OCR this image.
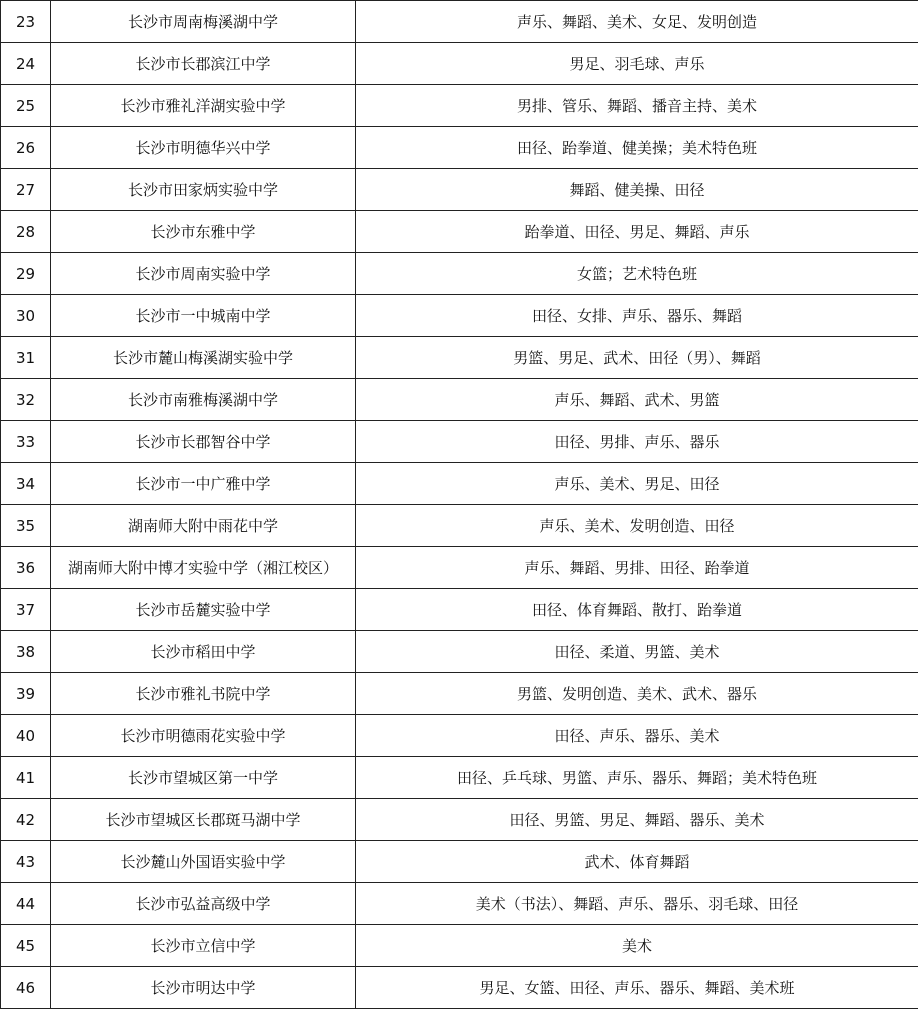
23	长沙市周南梅溪湖中学	声乐、舞蹈、美术、女足、发明创造
24	长沙市长郡滨江中学	男足、羽毛球、声乐
25	长沙市雅礼洋湖实验中学	男排、管乐、舞蹈、播音主持、美术
26	长沙市明德华兴中学	田径、跆拳道、健美操；美术特色班
27	长沙市田家炳实验中学	舞蹈、健美操、田径
28	长沙市东雅中学	跆拳道、田径、男足、舞蹈、声乐
29	长沙市周南实验中学	女篮；艺术特色班
30	长沙市一中城南中学	田径、女排、声乐、器乐、舞蹈
31	长沙市麓山梅溪湖实验中学	男篮、男足、武术、田径（男）、舞蹈
32	长沙市南雅梅溪湖中学	声乐、舞蹈、武术、男篮
33	长沙市长郡智谷中学	田径、男排、声乐、器乐
34	长沙市一中广雅中学	声乐、美术、男足、田径
35	湖南师大附中雨花中学	声乐、美术、发明创造、田径
36	湖南师大附中博才实验中学（湘江校区）	声乐、舞蹈、男排、田径、跆拳道
37	长沙市岳麓实验中学	田径、体育舞蹈、散打、跆拳道
38	长沙市稻田中学	田径、柔道、男篮、美术
39	长沙市雅礼书院中学	男篮、发明创造、美术、武术、器乐
40	长沙市明德雨花实验中学	田径、声乐、器乐、美术
41	长沙市望城区第一中学	田径、乒乓球、男篮、声乐、器乐、舞蹈；美术特色班
42	长沙市望城区长郡斑马湖中学	田径、男篮、男足、舞蹈、器乐、美术
43	长沙麓山外国语实验中学	武术、体育舞蹈
44	长沙市弘益高级中学	美术（书法）、舞蹈、声乐、器乐、羽毛球、田径
45	长沙市立信中学	美术
46	长沙市明达中学	男足、女篮、田径、声乐、器乐、舞蹈、美术班
